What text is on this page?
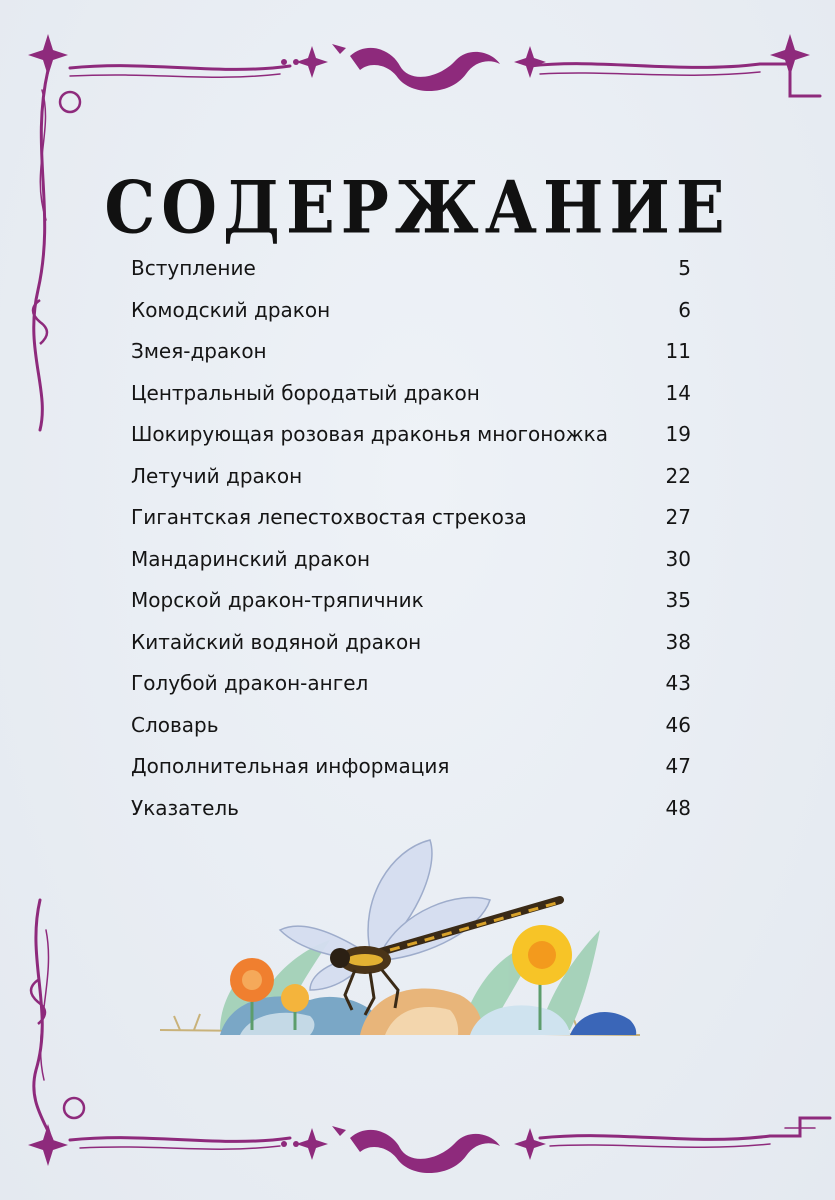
СОДЕРЖАНИЕ
Вступление	5
Комодский дракон	6
Змея-дракон	11
Центральный бородатый дракон	14
Шокирующая розовая драконья многоножка	19
Летучий дракон	22
Гигантская лепестохвостая стрекоза	27
Мандаринский дракон	30
Морской дракон-тряпичник	35
Китайский водяной дракон	38
Голубой дракон-ангел	43
Словарь	46
Дополнительная информация	47
Указатель	48
